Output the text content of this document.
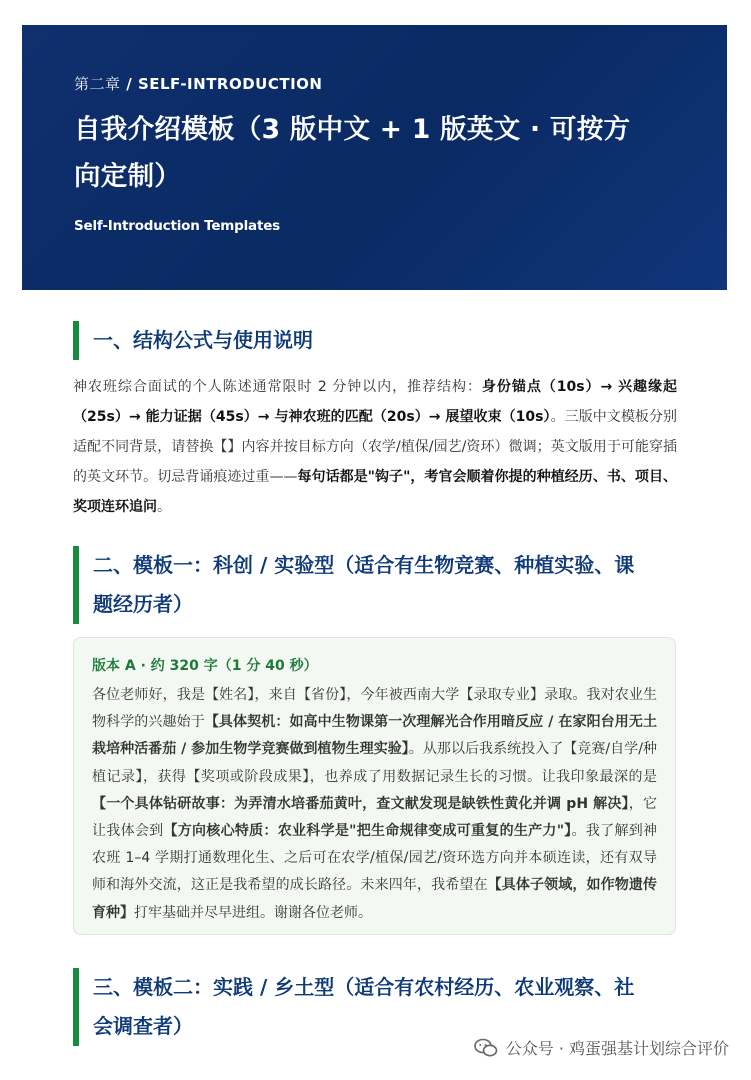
第二章 / SELF-INTRODUCTION
自我介绍模板（3 版中文 + 1 版英文 · 可按方
向定制）
Self-Introduction Templates
一、结构公式与使用说明
神农班综合面试的个人陈述通常限时 2 分钟以内，推荐结构：身份锚点（10s）→ 兴趣缘起（25s）→ 能力证据（45s）→ 与神农班的匹配（20s）→ 展望收束（10s）。三版中文模板分别适配不同背景，请替换【】内容并按目标方向（农学/植保/园艺/资环）微调；英文版用于可能穿插的英文环节。切忌背诵痕迹过重——每句话都是"钩子"，考官会顺着你提的种植经历、书、项目、奖项连环追问。
二、模板一：科创 / 实验型（适合有生物竞赛、种植实验、课
题经历者）
版本 A · 约 320 字（1 分 40 秒）
各位老师好，我是【姓名】，来自【省份】，今年被西南大学【录取专业】录取。我对农业生物科学的兴趣始于【具体契机：如高中生物课第一次理解光合作用暗反应 / 在家阳台用无土栽培种活番茄 / 参加生物学竞赛做到植物生理实验】。从那以后我系统投入了【竞赛/自学/种植记录】，获得【奖项或阶段成果】，也养成了用数据记录生长的习惯。让我印象最深的是【一个具体钻研故事：为弄清水培番茄黄叶，查文献发现是缺铁性黄化并调 pH 解决】，它让我体会到【方向核心特质：农业科学是"把生命规律变成可重复的生产力"】。我了解到神农班 1–4 学期打通数理化生、之后可在农学/植保/园艺/资环选方向并本硕连读，还有双导师和海外交流，这正是我希望的成长路径。未来四年，我希望在【具体子领域，如作物遗传育种】打牢基础并尽早进组。谢谢各位老师。
三、模板二：实践 / 乡土型（适合有农村经历、农业观察、社
会调查者）
公众号 · 鸡蛋强基计划综合评价
